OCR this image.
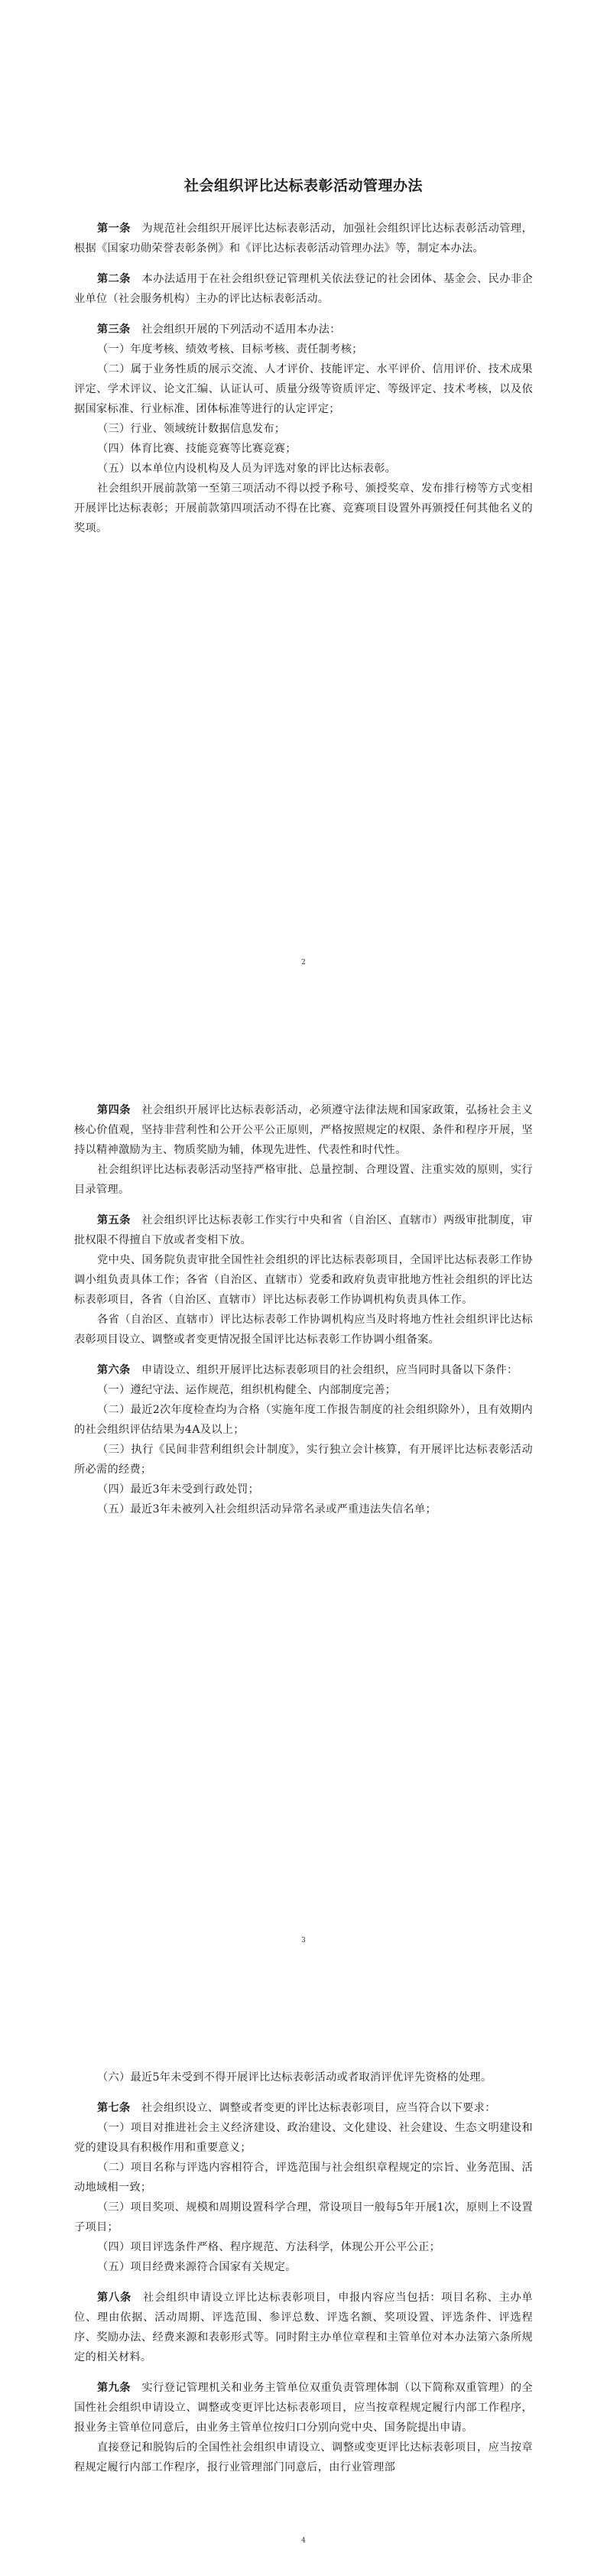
社会组织评比达标表彰活动管理办法

第一条　 为规范社会组织开展评比达标表彰活动，加强社会组织评比达标表彰活动管理，根据《国家功勋荣誉表彰条例》和《评比达标表彰活动管理办法》等，制定本办法。

第二条　 本办法适用于在社会组织登记管理机关依法登记的社会团体、基金会、民办非企业单位（社会服务机构）主办的评比达标表彰活动。

第三条　 社会组织开展的下列活动不适用本办法：

（一）年度考核、绩效考核、目标考核、责任制考核；

（二）属于业务性质的展示交流、人才评价、技能评定、水平评价、信用评价、技术成果评定、学术评议、论文汇编、认证认可、质量分级等资质评定、等级评定、技术考核，以及依据国家标准、行业标准、团体标准等进行的认定评定；

（三）行业、领域统计数据信息发布；

（四）体育比赛、技能竞赛等比赛竞赛；

（五）以本单位内设机构及人员为评选对象的评比达标表彰。

社会组织开展前款第一至第三项活动不得以授予称号、颁授奖章、发布排行榜等方式变相开展评比达标表彰；开展前款第四项活动不得在比赛、竞赛项目设置外再颁授任何其他名义的奖项。

2

第四条　 社会组织开展评比达标表彰活动，必须遵守法律法规和国家政策，弘扬社会主义核心价值观，坚持非营利性和公开公平公正原则，严格按照规定的权限、条件和程序开展，坚持以精神激励为主、物质奖励为辅，体现先进性、代表性和时代性。

社会组织评比达标表彰活动坚持严格审批、总量控制、合理设置、注重实效的原则，实行目录管理。

第五条　 社会组织评比达标表彰工作实行中央和省（自治区、直辖市）两级审批制度，审批权限不得擅自下放或者变相下放。

党中央、国务院负责审批全国性社会组织的评比达标表彰项目，全国评比达标表彰工作协调小组负责具体工作；各省（自治区、直辖市）党委和政府负责审批地方性社会组织的评比达标表彰项目，各省（自治区、直辖市）评比达标表彰工作协调机构负责具体工作。

各省（自治区、直辖市）评比达标表彰工作协调机构应当及时将地方性社会组织评比达标表彰项目设立、调整或者变更情况报全国评比达标表彰工作协调小组备案。

第六条　 申请设立、组织开展评比达标表彰项目的社会组织，应当同时具备以下条件：

（一）遵纪守法、运作规范，组织机构健全、内部制度完善；

（二）最近2次年度检查均为合格（实施年度工作报告制度的社会组织除外），且有效期内的社会组织评估结果为4A及以上；

（三）执行《民间非营利组织会计制度》，实行独立会计核算，有开展评比达标表彰活动所必需的经费；

（四）最近3年未受到行政处罚；

（五）最近3年未被列入社会组织活动异常名录或严重违法失信名单；

3

（六）最近5年未受到不得开展评比达标表彰活动或者取消评优评先资格的处理。

第七条　 社会组织设立、调整或者变更的评比达标表彰项目，应当符合以下要求：

（一）项目对推进社会主义经济建设、政治建设、文化建设、社会建设、生态文明建设和党的建设具有积极作用和重要意义；

（二）项目名称与评选内容相符合，评选范围与社会组织章程规定的宗旨、业务范围、活动地域相一致；

（三）项目奖项、规模和周期设置科学合理，常设项目一般每5年开展1次，原则上不设置子项目；

（四）项目评选条件严格、程序规范、方法科学，体现公开公平公正；

（五）项目经费来源符合国家有关规定。

第八条　 社会组织申请设立评比达标表彰项目，申报内容应当包括：项目名称、主办单位、理由依据、活动周期、评选范围、参评总数、评选名额、奖项设置、评选条件、评选程序、奖励办法、经费来源和表彰形式等。同时附主办单位章程和主管单位对本办法第六条所规定的相关材料。

第九条　 实行登记管理机关和业务主管单位双重负责管理体制（以下简称双重管理）的全国性社会组织申请设立、调整或变更评比达标表彰项目，应当按章程规定履行内部工作程序，报业务主管单位同意后，由业务主管单位按归口分别向党中央、国务院提出申请。

直接登记和脱钩后的全国性社会组织申请设立、调整或变更评比达标表彰项目，应当按章程规定履行内部工作程序，报行业管理部门同意后，由行业管理部

4
